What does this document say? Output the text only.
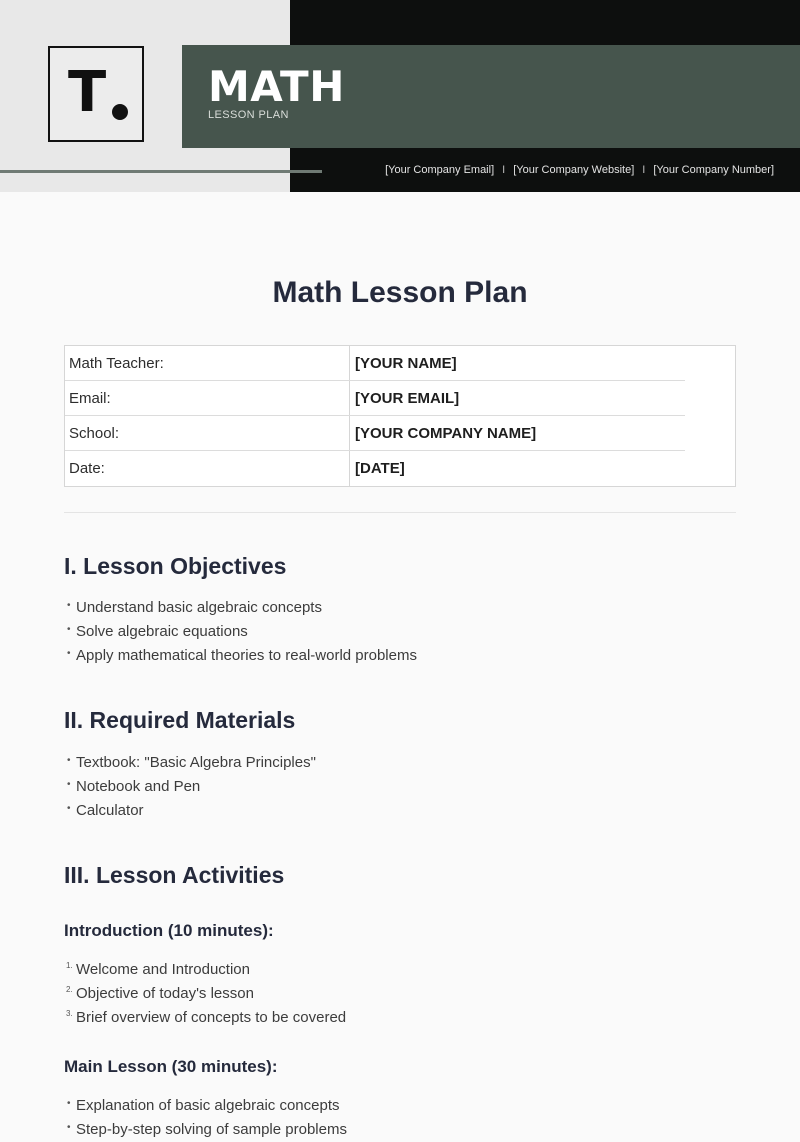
T MATH
LESSON PLAN
[Your Company Email] I [Your Company Website] I [Your Company Number]
Math Lesson Plan
Math Teacher:	[YOUR NAME]
Email:	[YOUR EMAIL]
School:	[YOUR COMPANY NAME]
Date:	[DATE]
I. Lesson Objectives
• Understand basic algebraic concepts
• Solve algebraic equations
• Apply mathematical theories to real-world problems
II. Required Materials
• Textbook: "Basic Algebra Principles"
• Notebook and Pen
• Calculator
III. Lesson Activities
Introduction (10 minutes):
1. Welcome and Introduction
2. Objective of today's lesson
3. Brief overview of concepts to be covered
Main Lesson (30 minutes):
• Explanation of basic algebraic concepts
• Step-by-step solving of sample problems
